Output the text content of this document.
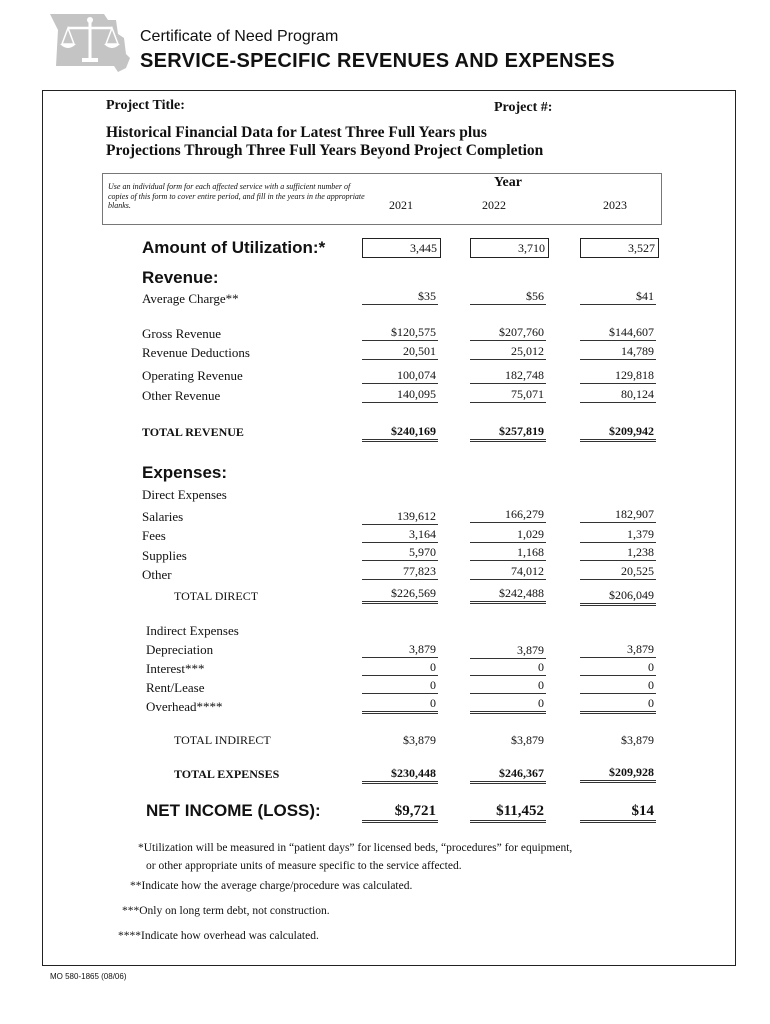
Certificate of Need Program
SERVICE-SPECIFIC REVENUES AND EXPENSES
Project Title:	Project #:
Historical Financial Data for Latest Three Full Years plus
Projections Through Three Full Years Beyond Project Completion
Use an individual form for each affected service with a sufficient number of copies of this form to cover entire period, and fill in the years in the appropriate blanks.
Year
2021	2022	2023
Amount of Utilization:*	3,445	3,710	3,527
Revenue:
Average Charge**	$35	$56	$41
Gross Revenue	$120,575	$207,760	$144,607
Revenue Deductions	20,501	25,012	14,789
Operating Revenue	100,074	182,748	129,818
Other Revenue	140,095	75,071	80,124
TOTAL REVENUE	$240,169	$257,819	$209,942
Expenses:
Direct Expenses
Salaries	139,612	166,279	182,907
Fees	3,164	1,029	1,379
Supplies	5,970	1,168	1,238
Other	77,823	74,012	20,525
TOTAL DIRECT	$226,569	$242,488	$206,049
Indirect Expenses
Depreciation	3,879	3,879	3,879
Interest***	0	0	0
Rent/Lease	0	0	0
Overhead****	0	0	0
TOTAL INDIRECT	$3,879	$3,879	$3,879
TOTAL EXPENSES	$230,448	$246,367	$209,928
NET INCOME (LOSS):	$9,721	$11,452	$14
*Utilization will be measured in “patient days” for licensed beds, “procedures” for equipment,
or other appropriate units of measure specific to the service affected.
**Indicate how the average charge/procedure was calculated.
***Only on long term debt, not construction.
****Indicate how overhead was calculated.
MO 580-1865 (08/06)
